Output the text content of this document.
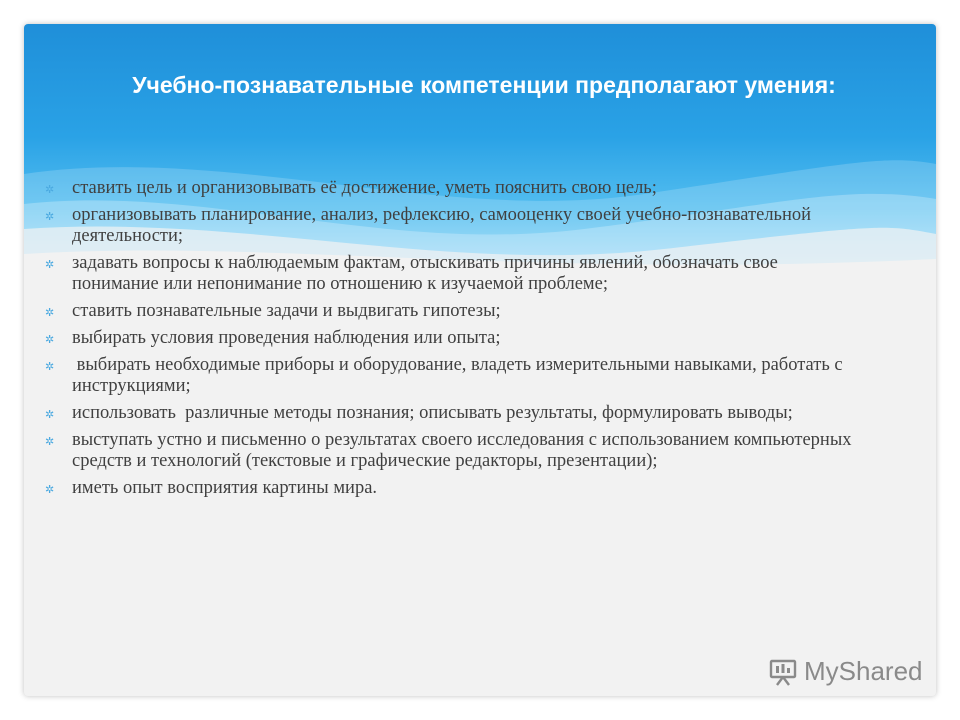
Учебно-познавательные компетенции предполагают умения:
✲ ставить цель и организовывать её достижение, уметь пояснить свою цель;
✲ организовывать планирование, анализ, рефлексию, самооценку своей учебно-познавательной деятельности;
✲ задавать вопросы к наблюдаемым фактам, отыскивать причины явлений, обозначать свое понимание или непонимание по отношению к изучаемой проблеме;
✲ ставить познавательные задачи и выдвигать гипотезы;
✲ выбирать условия проведения наблюдения или опыта;
✲ выбирать необходимые приборы и оборудование, владеть измерительными навыками, работать с инструкциями;
✲ использовать  различные методы познания; описывать результаты, формулировать выводы;
✲ выступать устно и письменно о результатах своего исследования с использованием компьютерных средств и технологий (текстовые и графические редакторы, презентации);
✲ иметь опыт восприятия картины мира.
MyShared
